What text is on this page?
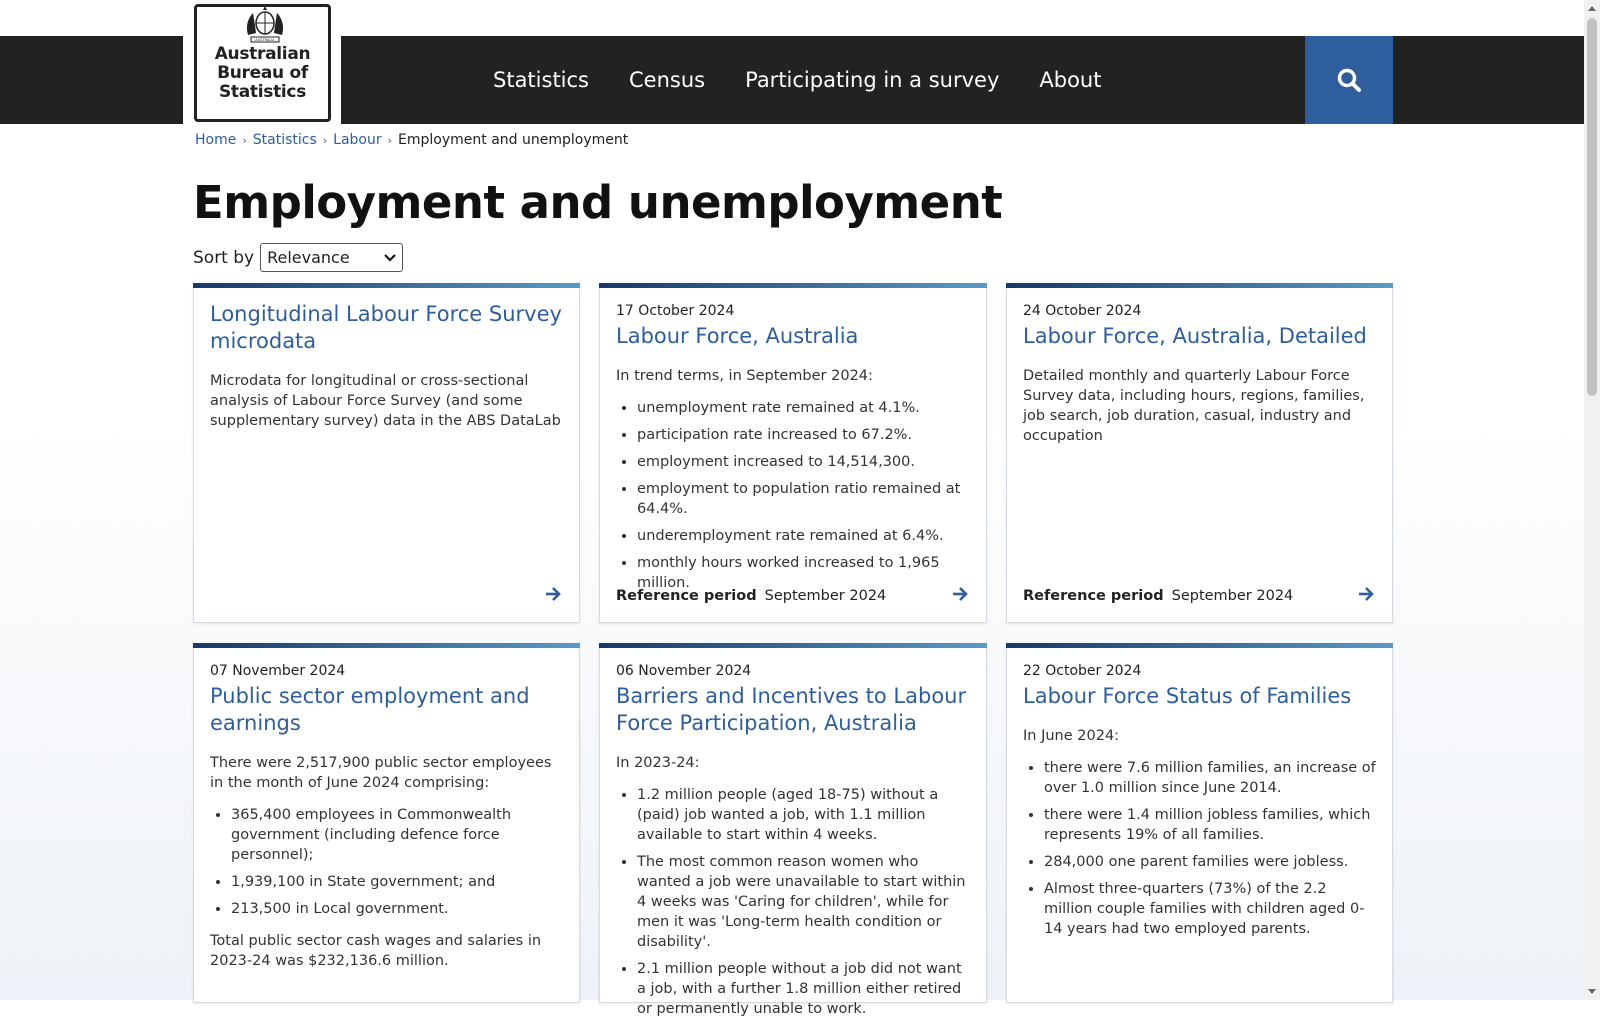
AUSTRALIA
Australian
Bureau of
Statistics	Statistics Census Participating in a survey About
Home › Statistics › Labour › Employment and unemployment
Employment and unemployment
Sort by Relevance
Longitudinal Labour Force Survey microdata

Microdata for longitudinal or cross-sectional analysis of Labour Force Survey (and some supplementary survey) data in the ABS DataLab

17 October 2024
Labour Force, Australia

In trend terms, in September 2024:

• unemployment rate remained at 4.1%.
• participation rate increased to 67.2%.
• employment increased to 14,514,300.
• employment to population ratio remained at 64.4%.
• underemployment rate remained at 6.4%.
• monthly hours worked increased to 1,965 million.
Reference period September 2024
24 October 2024
Labour Force, Australia, Detailed

Detailed monthly and quarterly Labour Force Survey data, including hours, regions, families, job search, job duration, casual, industry and occupation

Reference period September 2024
07 November 2024
Public sector employment and earnings

There were 2,517,900 public sector employees in the month of June 2024 comprising:

• 365,400 employees in Commonwealth government (including defence force personnel);
• 1,939,100 in State government; and
• 213,500 in Local government.

Total public sector cash wages and salaries in 2023-24 was $232,136.6 million.

06 November 2024
Barriers and Incentives to Labour Force Participation, Australia

In 2023-24:

• 1.2 million people (aged 18-75) without a (paid) job wanted a job, with 1.1 million available to start within 4 weeks.
• The most common reason women who wanted a job were unavailable to start within 4 weeks was 'Caring for children', while for men it was 'Long-term health condition or disability'.
• 2.1 million people without a job did not want a job, with a further 1.8 million either retired or permanently unable to work.
22 October 2024
Labour Force Status of Families

In June 2024:

• there were 7.6 million families, an increase of over 1.0 million since June 2014.
• there were 1.4 million jobless families, which represents 19% of all families.
• 284,000 one parent families were jobless.
• Almost three-quarters (73%) of the 2.2 million couple families with children aged 0-14 years had two employed parents.
